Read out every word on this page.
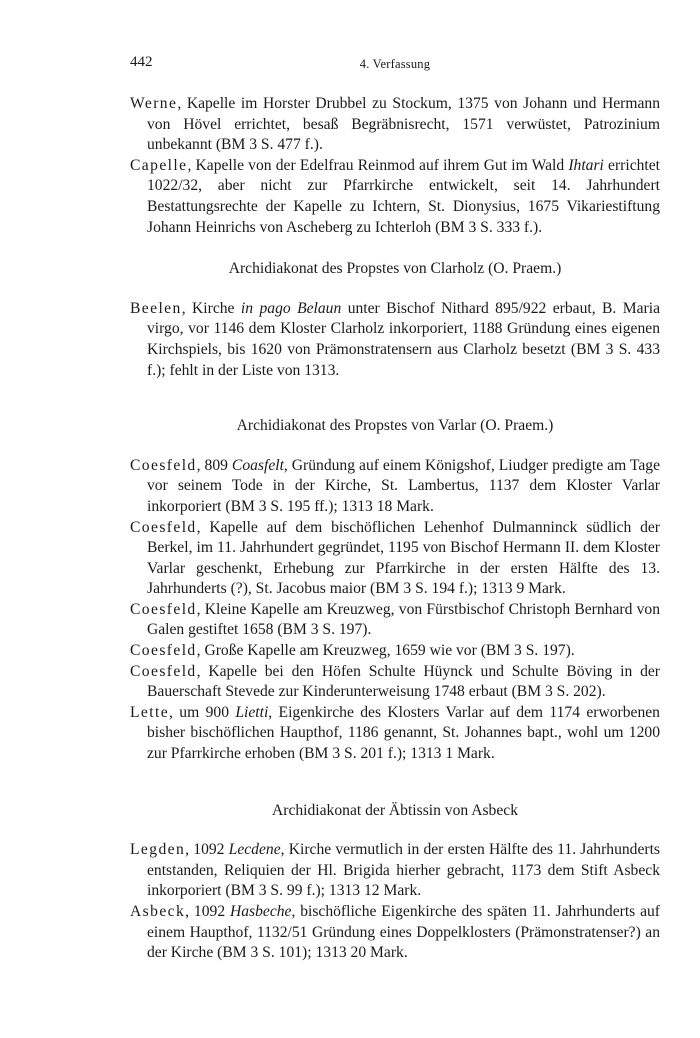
442	4. Verfassung

Werne, Kapelle im Horster Drubbel zu Stockum, 1375 von Johann und Hermann von Hövel errichtet, besaß Begräbnisrecht, 1571 verwüstet, Patrozinium unbekannt (BM 3 S. 477 f.).

Capelle, Kapelle von der Edelfrau Reinmod auf ihrem Gut im Wald Ihtari errichtet 1022/32, aber nicht zur Pfarrkirche entwickelt, seit 14. Jahrhundert Bestattungsrechte der Kapelle zu Ichtern, St. Dionysius, 1675 Vikariestiftung Johann Heinrichs von Ascheberg zu Ichterloh (BM 3 S. 333 f.).

Archidiakonat des Propstes von Clarholz (O. Praem.)

Beelen, Kirche in pago Belaun unter Bischof Nithard 895/922 erbaut, B. Maria virgo, vor 1146 dem Kloster Clarholz inkorporiert, 1188 Gründung eines eigenen Kirchspiels, bis 1620 von Prämonstratensern aus Clarholz besetzt (BM 3 S. 433 f.); fehlt in der Liste von 1313.

Archidiakonat des Propstes von Varlar (O. Praem.)

Coesfeld, 809 Coasfelt, Gründung auf einem Königshof, Liudger predigte am Tage vor seinem Tode in der Kirche, St. Lambertus, 1137 dem Kloster Varlar inkorporiert (BM 3 S. 195 ff.); 1313 18 Mark.

Coesfeld, Kapelle auf dem bischöflichen Lehenhof Dulmanninck südlich der Berkel, im 11. Jahrhundert gegründet, 1195 von Bischof Hermann II. dem Kloster Varlar geschenkt, Erhebung zur Pfarrkirche in der ersten Hälfte des 13. Jahrhunderts (?), St. Jacobus maior (BM 3 S. 194 f.); 1313 9 Mark.

Coesfeld, Kleine Kapelle am Kreuzweg, von Fürstbischof Christoph Bernhard von Galen gestiftet 1658 (BM 3 S. 197).

Coesfeld, Große Kapelle am Kreuzweg, 1659 wie vor (BM 3 S. 197).

Coesfeld, Kapelle bei den Höfen Schulte Hüynck und Schulte Böving in der Bauerschaft Stevede zur Kinderunterweisung 1748 erbaut (BM 3 S. 202).

Lette, um 900 Lietti, Eigenkirche des Klosters Varlar auf dem 1174 erworbenen bisher bischöflichen Haupthof, 1186 genannt, St. Johannes bapt., wohl um 1200 zur Pfarrkirche erhoben (BM 3 S. 201 f.); 1313 1 Mark.

Archidiakonat der Äbtissin von Asbeck

Legden, 1092 Lecdene, Kirche vermutlich in der ersten Hälfte des 11. Jahrhunderts entstanden, Reliquien der Hl. Brigida hierher gebracht, 1173 dem Stift Asbeck inkorporiert (BM 3 S. 99 f.); 1313 12 Mark.

Asbeck, 1092 Hasbeche, bischöfliche Eigenkirche des späten 11. Jahrhunderts auf einem Haupthof, 1132/51 Gründung eines Doppelklosters (Prämonstratenser?) an der Kirche (BM 3 S. 101); 1313 20 Mark.
